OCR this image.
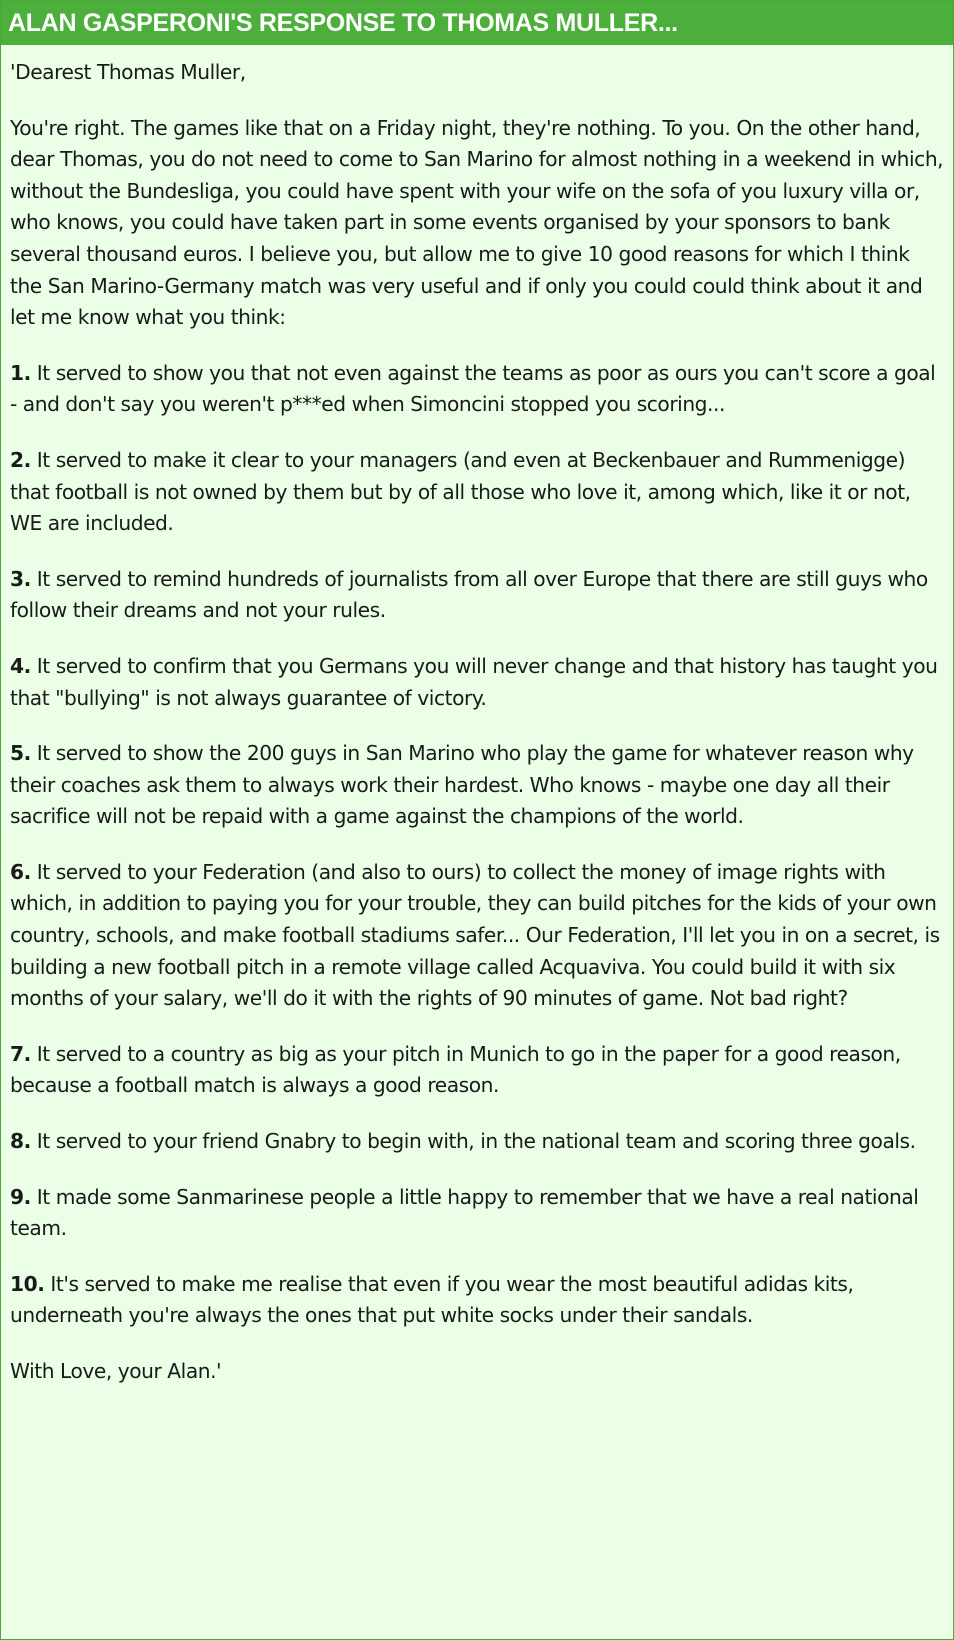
ALAN GASPERONI'S RESPONSE TO THOMAS MULLER...

'Dearest Thomas Muller,

You're right. The games like that on a Friday night, they're nothing. To you. On the other hand, dear Thomas, you do not need to come to San Marino for almost nothing in a weekend in which, without the Bundesliga, you could have spent with your wife on the sofa of you luxury villa or, who knows, you could have taken part in some events organised by your sponsors to bank several thousand euros. I believe you, but allow me to give 10 good reasons for which I think the San Marino-Germany match was very useful and if only you could could think about it and let me know what you think:

1. It served to show you that not even against the teams as poor as ours you can't score a goal - and don't say you weren't p***ed when Simoncini stopped you scoring...

2. It served to make it clear to your managers (and even at Beckenbauer and Rummenigge) that football is not owned by them but by of all those who love it, among which, like it or not, WE are included.

3. It served to remind hundreds of journalists from all over Europe that there are still guys who follow their dreams and not your rules.

4. It served to confirm that you Germans you will never change and that history has taught you that "bullying" is not always guarantee of victory.

5. It served to show the 200 guys in San Marino who play the game for whatever reason why their coaches ask them to always work their hardest. Who knows - maybe one day all their sacrifice will not be repaid with a game against the champions of the world.

6. It served to your Federation (and also to ours) to collect the money of image rights with which, in addition to paying you for your trouble, they can build pitches for the kids of your own country, schools, and make football stadiums safer... Our Federation, I'll let you in on a secret, is building a new football pitch in a remote village called Acquaviva. You could build it with six months of your salary, we'll do it with the rights of 90 minutes of game. Not bad right?

7. It served to a country as big as your pitch in Munich to go in the paper for a good reason, because a football match is always a good reason.

8. It served to your friend Gnabry to begin with, in the national team and scoring three goals.

9. It made some Sanmarinese people a little happy to remember that we have a real national team.

10. It's served to make me realise that even if you wear the most beautiful adidas kits, underneath you're always the ones that put white socks under their sandals.

With Love, your Alan.'
